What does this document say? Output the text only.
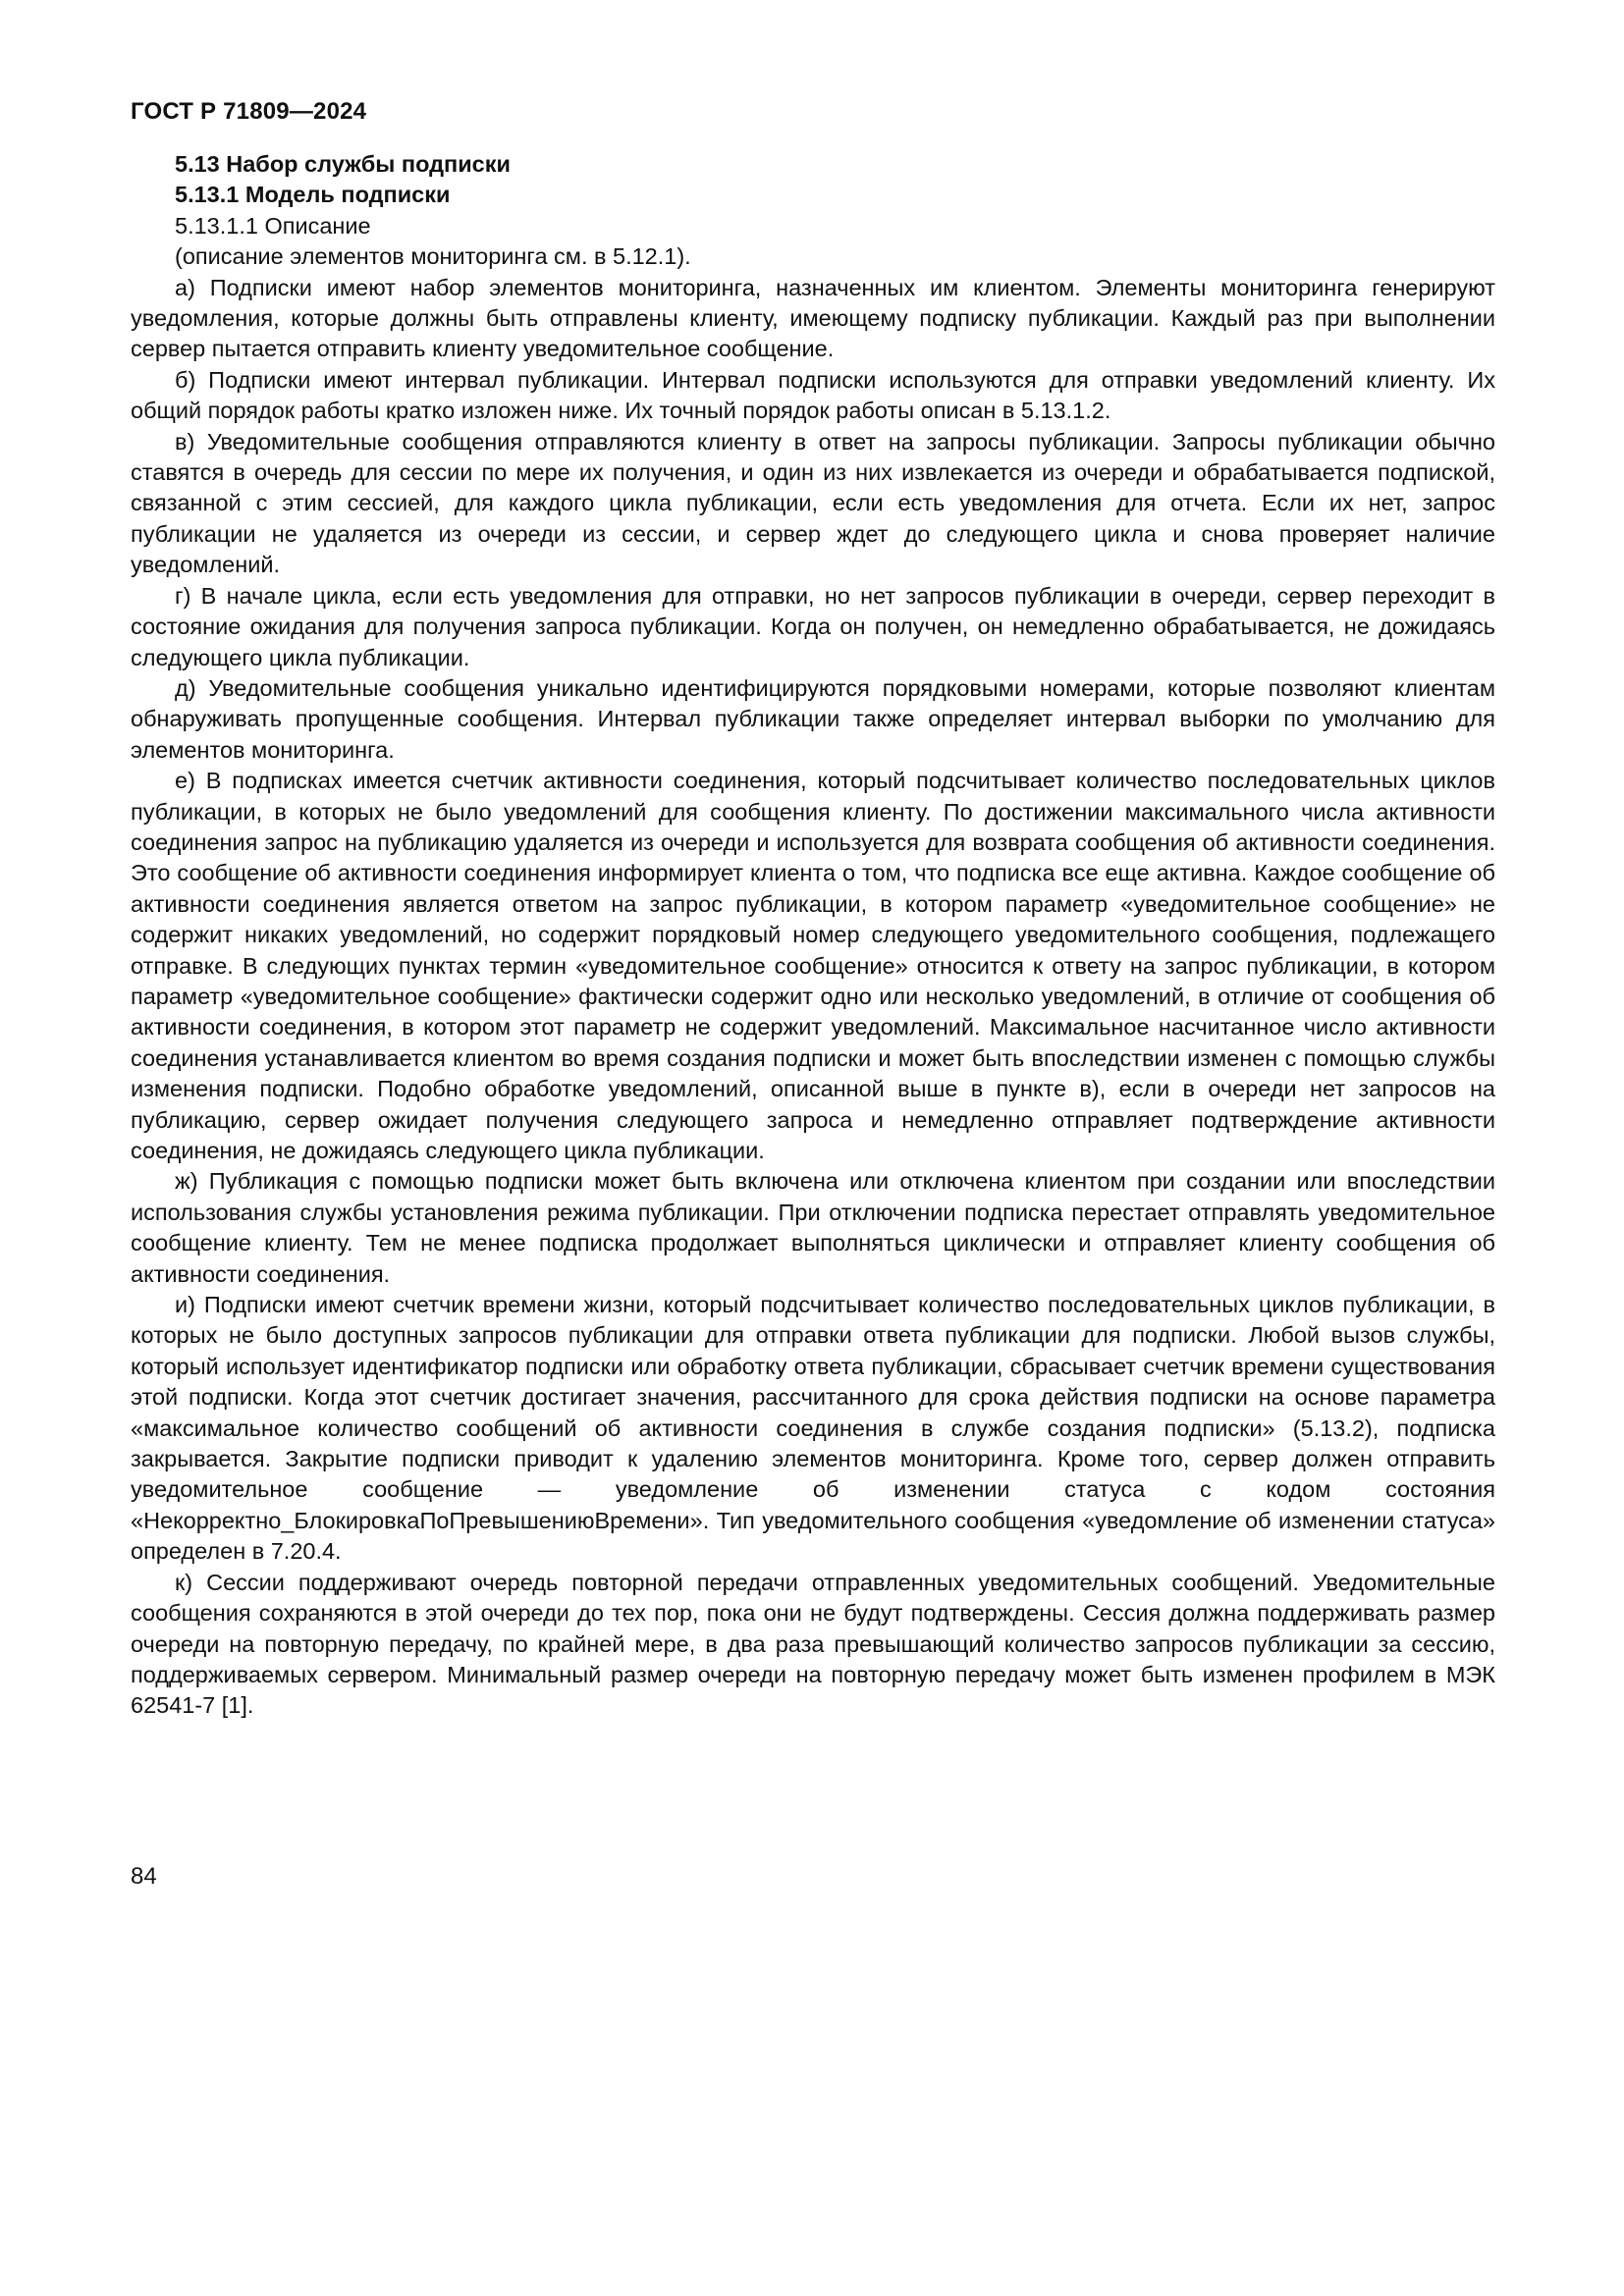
ГОСТ Р 71809—2024

5.13 Набор службы подписки

5.13.1 Модель подписки

5.13.1.1 Описание

(описание элементов мониторинга см. в 5.12.1).

а) Подписки имеют набор элементов мониторинга, назначенных им клиентом. Элементы мониторинга генерируют уведомления, которые должны быть отправлены клиенту, имеющему подписку публикации. Каждый раз при выполнении сервер пытается отправить клиенту уведомительное сообщение.

б) Подписки имеют интервал публикации. Интервал подписки используются для отправки уведомлений клиенту. Их общий порядок работы кратко изложен ниже. Их точный порядок работы описан в 5.13.1.2.

в) Уведомительные сообщения отправляются клиенту в ответ на запросы публикации. Запросы публикации обычно ставятся в очередь для сессии по мере их получения, и один из них извлекается из очереди и обрабатывается подпиской, связанной с этим сессией, для каждого цикла публикации, если есть уведомления для отчета. Если их нет, запрос публикации не удаляется из очереди из сессии, и сервер ждет до следующего цикла и снова проверяет наличие уведомлений.

г) В начале цикла, если есть уведомления для отправки, но нет запросов публикации в очереди, сервер переходит в состояние ожидания для получения запроса публикации. Когда он получен, он немедленно обрабатывается, не дожидаясь следующего цикла публикации.

д) Уведомительные сообщения уникально идентифицируются порядковыми номерами, которые позволяют клиентам обнаруживать пропущенные сообщения. Интервал публикации также определяет интервал выборки по умолчанию для элементов мониторинга.

е) В подписках имеется счетчик активности соединения, который подсчитывает количество последовательных циклов публикации, в которых не было уведомлений для сообщения клиенту. По достижении максимального числа активности соединения запрос на публикацию удаляется из очереди и используется для возврата сообщения об активности соединения. Это сообщение об активности соединения информирует клиента о том, что подписка все еще активна. Каждое сообщение об активности соединения является ответом на запрос публикации, в котором параметр «уведомительное сообщение» не содержит никаких уведомлений, но содержит порядковый номер следующего уведомительного сообщения, подлежащего отправке. В следующих пунктах термин «уведомительное сообщение» относится к ответу на запрос публикации, в котором параметр «уведомительное сообщение» фактически содержит одно или несколько уведомлений, в отличие от сообщения об активности соединения, в котором этот параметр не содержит уведомлений. Максимальное насчитанное число активности соединения устанавливается клиентом во время создания подписки и может быть впоследствии изменен с помощью службы изменения подписки. Подобно обработке уведомлений, описанной выше в пункте в), если в очереди нет запросов на публикацию, сервер ожидает получения следующего запроса и немедленно отправляет подтверждение активности соединения, не дожидаясь следующего цикла публикации.

ж) Публикация с помощью подписки может быть включена или отключена клиентом при создании или впоследствии использования службы установления режима публикации. При отключении подписка перестает отправлять уведомительное сообщение клиенту. Тем не менее подписка продолжает выполняться циклически и отправляет клиенту сообщения об активности соединения.

и) Подписки имеют счетчик времени жизни, который подсчитывает количество последовательных циклов публикации, в которых не было доступных запросов публикации для отправки ответа публикации для подписки. Любой вызов службы, который использует идентификатор подписки или обработку ответа публикации, сбрасывает счетчик времени существования этой подписки. Когда этот счетчик достигает значения, рассчитанного для срока действия подписки на основе параметра «максимальное количество сообщений об активности соединения в службе создания подписки» (5.13.2), подписка закрывается. Закрытие подписки приводит к удалению элементов мониторинга. Кроме того, сервер должен отправить уведомительное сообщение — уведомление об изменении статуса с кодом состояния «Некорректно_БлокировкаПоПревышениюВремени». Тип уведомительного сообщения «уведомление об изменении статуса» определен в 7.20.4.

к) Сессии поддерживают очередь повторной передачи отправленных уведомительных сообщений. Уведомительные сообщения сохраняются в этой очереди до тех пор, пока они не будут подтверждены. Сессия должна поддерживать размер очереди на повторную передачу, по крайней мере, в два раза превышающий количество запросов публикации за сессию, поддерживаемых сервером. Минимальный размер очереди на повторную передачу может быть изменен профилем в МЭК 62541-7 [1].

84
